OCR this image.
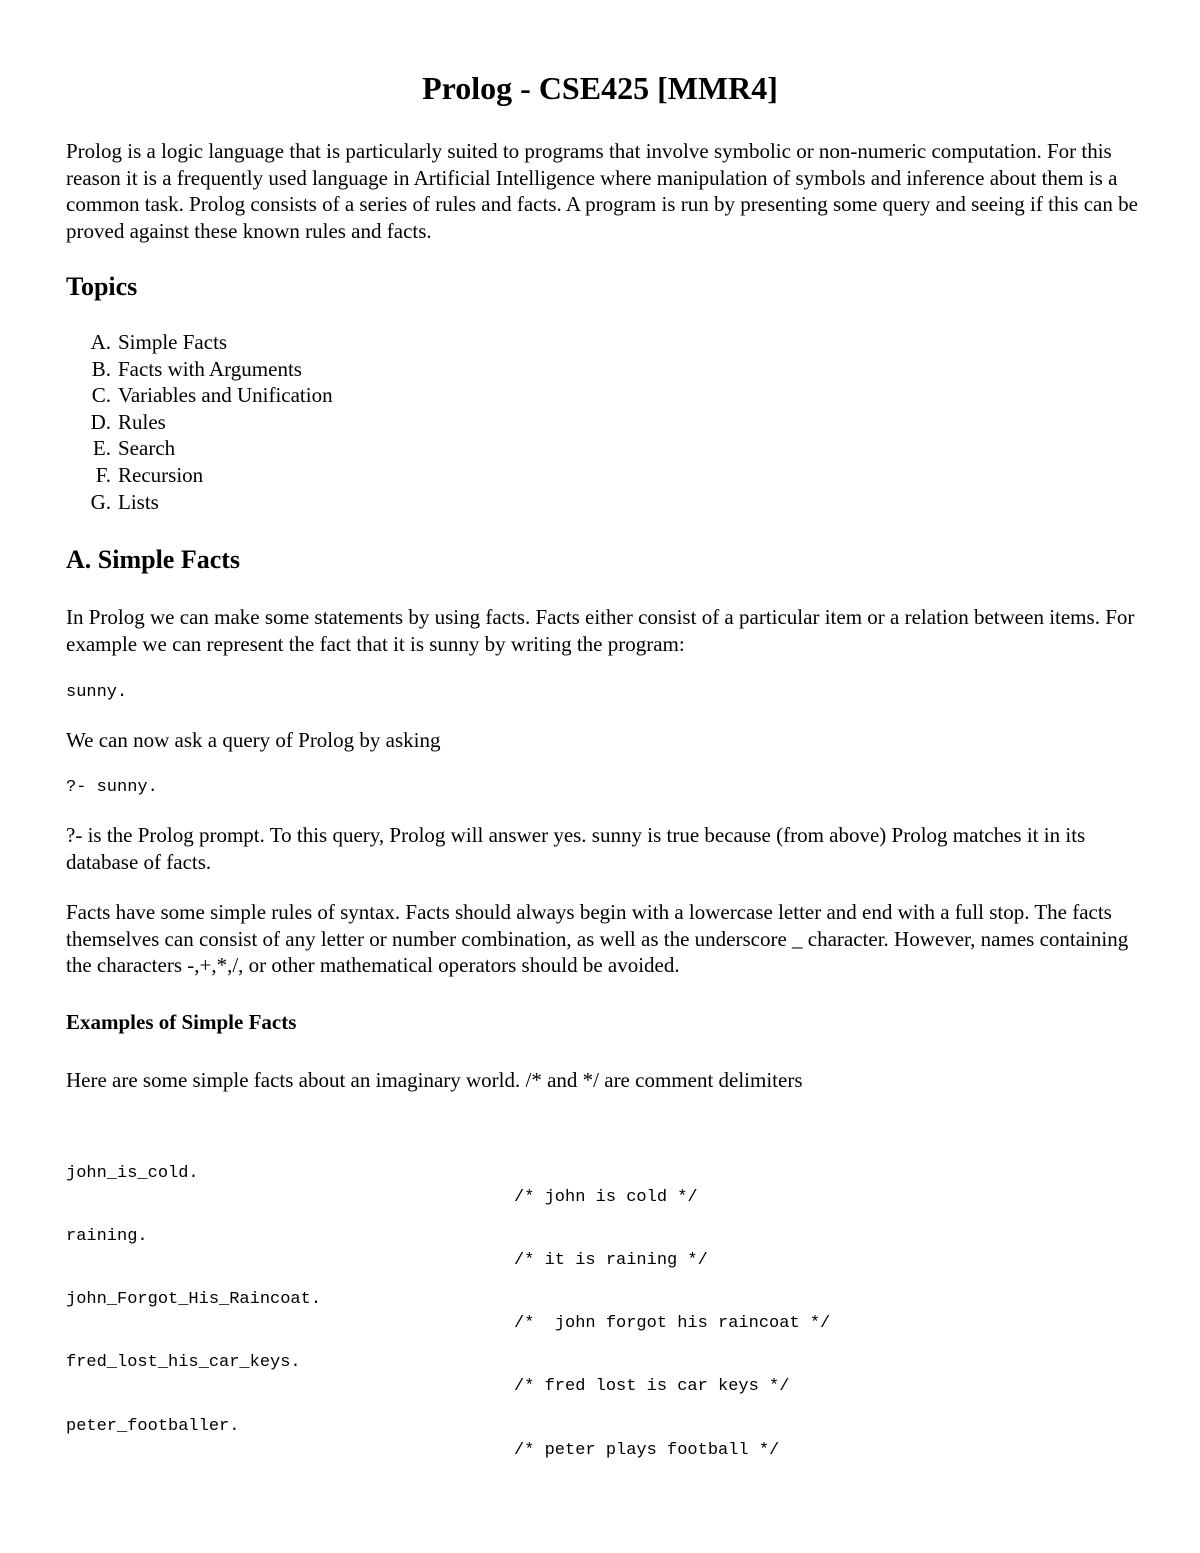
Prolog - CSE425 [MMR4]

Prolog is a logic language that is particularly suited to programs that involve symbolic or non-numeric computation. For this reason it is a frequently used language in Artificial Intelligence where manipulation of symbols and inference about them is a common task. Prolog consists of a series of rules and facts. A program is run by presenting some query and seeing if this can be proved against these known rules and facts.

Topics
A. Simple Facts
B. Facts with Arguments
C. Variables and Unification
D. Rules
E. Search
F. Recursion
G. Lists
A. Simple Facts

In Prolog we can make some statements by using facts. Facts either consist of a particular item or a relation between items. For example we can represent the fact that it is sunny by writing the program:

sunny.

We can now ask a query of Prolog by asking

?- sunny.

?- is the Prolog prompt. To this query, Prolog will answer yes. sunny is true because (from above) Prolog matches it in its database of facts.

Facts have some simple rules of syntax. Facts should always begin with a lowercase letter and end with a full stop. The facts themselves can consist of any letter or number combination, as well as the underscore _ character. However, names containing the characters -,+,*,/, or other mathematical operators should be avoided.

Examples of Simple Facts

Here are some simple facts about an imaginary world. /* and */ are comment delimiters

john_is_cold.

/* john is cold */

raining.

/* it is raining */

john_Forgot_His_Raincoat.

/*  john forgot his raincoat */

fred_lost_his_car_keys.

/* fred lost is car keys */

peter_footballer.

/* peter plays football */
